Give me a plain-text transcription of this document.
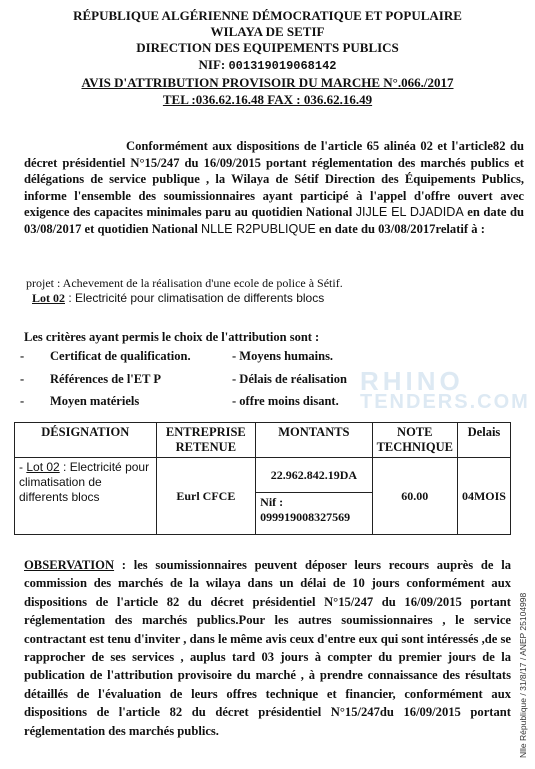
RÉPUBLIQUE ALGÉRIENNE DÉMOCRATIQUE ET POPULAIRE
WILAYA DE SETIF
DIRECTION DES EQUIPEMENTS PUBLICS
NIF: 001319019068142
AVIS D'ATTRIBUTION PROVISOIR DU MARCHE N°.066./2017
TEL :036.62.16.48 FAX : 036.62.16.49
Conformément aux dispositions de l'article 65 alinéa 02 et l'article82 du décret présidentiel N°15/247 du 16/09/2015 portant réglementation des marchés publics et délégations de service publique , la Wilaya de Sétif Direction des Équipements Publics, informe l'ensemble des soumissionnaires ayant participé à l'appel d'offre ouvert avec exigence des capacites minimales paru au quotidien National JIJLE EL DJADIDA en date du 03/08/2017 et quotidien National NLLE R2PUBLIQUE en date du 03/08/2017relatif à :
projet : Achevement de la réalisation d'une ecole de police à Sétif.
Lot 02 : Electricité pour climatisation de differents blocs
Les critères ayant permis le choix de l'attribution sont :
- Certificat de qualification.	- Moyens humains.
- Références de l'ET P	- Délais de réalisation
- Moyen matériels	- offre moins disant.
RHINO
TENDERS.COM
DÉSIGNATION	ENTREPRISE RETENUE	MONTANTS	NOTE TECHNIQUE	Delais
- Lot 02 : Electricité pour climatisation de differents blocs	Eurl CFCE	22.962.842.19DA	60.00	04MOIS

		Nif :
099919008327569		
OBSERVATION : les soumissionnaires peuvent déposer leurs recours auprès de la commission des marchés de la wilaya dans un délai de 10 jours conformément aux dispositions de l'article 82 du décret présidentiel N°15/247 du 16/09/2015 portant réglementation des marchés publics.Pour les autres soumissionnaires , le service contractant est tenu d'inviter , dans le même avis ceux d'entre eux qui sont intéressés ,de se rapprocher de ses services , auplus tard 03 jours à compter du premier jours de la publication de l'attribution provisoire du marché , à prendre connaissance des résultats détaillés de l'évaluation de leurs offres technique et financier, conformément aux dispositions de l'article 82 du décret présidentiel N°15/247du 16/09/2015 portant réglementation des marchés publics.	Nlle République / 31/8/17 / ANEP 25104998
